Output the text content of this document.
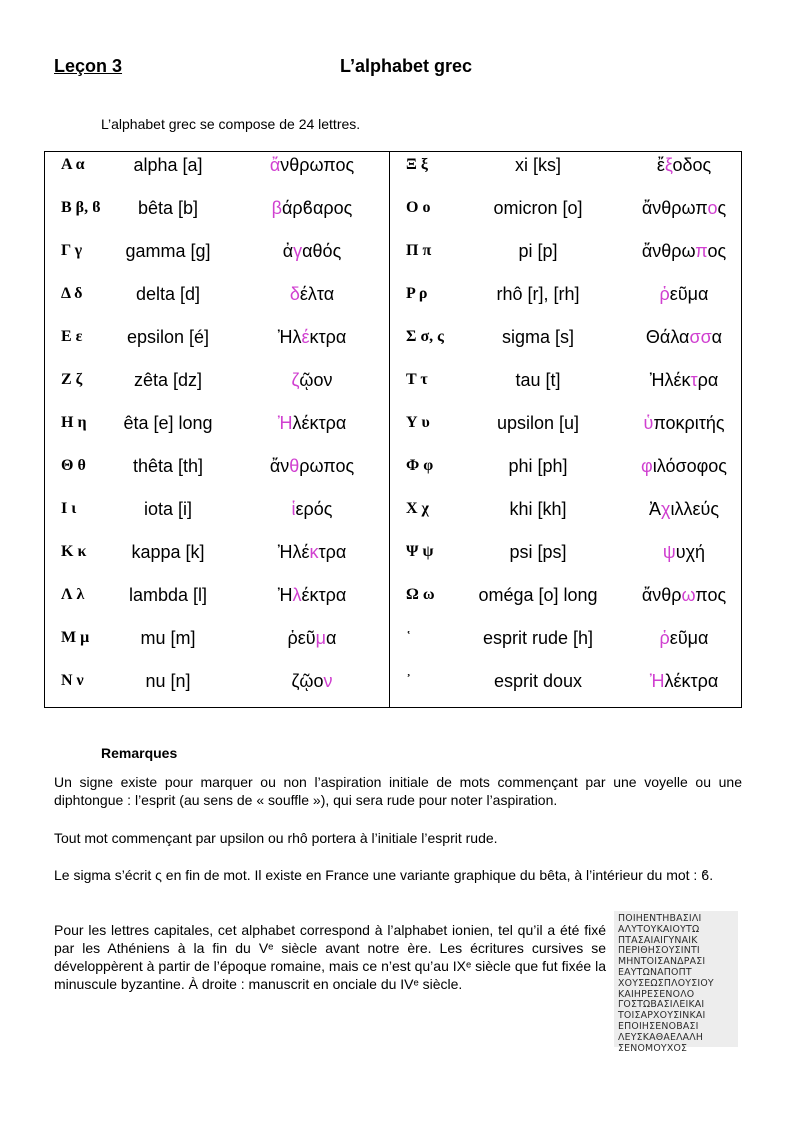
Leçon 3	L’alphabet grec
L’alphabet grec se compose de 24 lettres.
Α α	alpha [a]	ἄνθρωπος
Β β, ϐ	bêta [b]	βάρϐαρος
Γ γ	gamma [g]	ἀγαθός
Δ δ	delta [d]	δέλτα
Ε ε	epsilon [é]	Ἠλέκτρα
Ζ ζ	zêta [dz]	ζῷον
Η η	êta [e] long	Ἠλέκτρα
Θ θ	thêta [th]	ἄνθρωπος
Ι ι	iota [i]	ἱερός
Κ κ	kappa [k]	Ἠλέκτρα
Λ λ	lambda [l]	Ἠλέκτρα
Μ μ	mu [m]	ῥεῦμα
Ν ν	nu [n]	ζῷον
Ξ ξ	xi [ks]	ἔξοδος
Ο ο	omicron [o]	ἄνθρωπος
Π π	pi [p]	ἄνθρωπος
Ρ ρ	rhô [r], [rh]	ῥεῦμα
Σ σ, ς	sigma [s]	Θάλασσα
Τ τ	tau [t]	Ἠλέκτρα
Υ υ	upsilon [u]	ὑποκριτής
Φ φ	phi [ph]	φιλόσοφος
Χ χ	khi [kh]	Ἀχιλλεύς
Ψ ψ	psi [ps]	ψυχή
Ω ω	oméga [o] long	ἄνθρωπος
῾	esprit rude [h]	ῥεῦμα
᾿	esprit doux	Ἠλέκτρα
Remarques

Un signe existe pour marquer ou non l’aspiration initiale de mots commençant par une voyelle ou une diphtongue : l’esprit (au sens de « souffle »), qui sera rude pour noter l’aspiration.

Tout mot commençant par upsilon ou rhô portera à l’initiale l’esprit rude.

Le sigma s’écrit ς en fin de mot. Il existe en France une variante graphique du bêta, à l’intérieur du mot : ϐ.

Pour les lettres capitales, cet alphabet correspond à l’alphabet ionien, tel qu’il a été fixé par les Athéniens à la fin du Vᵉ siècle avant notre ère. Les écritures cursives se développèrent à partir de l’époque romaine, mais ce n’est qu’au IXᵉ siècle que fut fixée la minuscule byzantine. À droite : manuscrit en onciale du IVᵉ siècle.

ΠΟΙΗΕΝΤΗΒΑΣΙΛΙ
ΑΛΥΤΟΥΚΑΙΟΥΤΩ
ΠΤΑΣΑΙΑΙΓΥΝΑΙΚ
ΠΕΡΙΘΗΣΟΥΣΙΝΤΙ
ΜΗΝΤΟΙΣΑΝΔΡΑΣΙ
ΕΑΥΤΩΝΑΠΟΠΤ
ΧΟΥΣΕΩΣΠΛΟΥΣΙΟΥ
ΚΑΙΗΡΕΣΕΝΟΛΟ
ΓΟΣΤΩΒΑΣΙΛΕΙΚΑΙ
ΤΟΙΣΑΡΧΟΥΣΙΝΚΑΙ
ΕΠΟΙΗΣΕΝΟΒΑΣΙ
ΛΕΥΣΚΑΘΑΕΛΑΛΗ
ΣΕΝΟΜΟΥΧΟΣ
